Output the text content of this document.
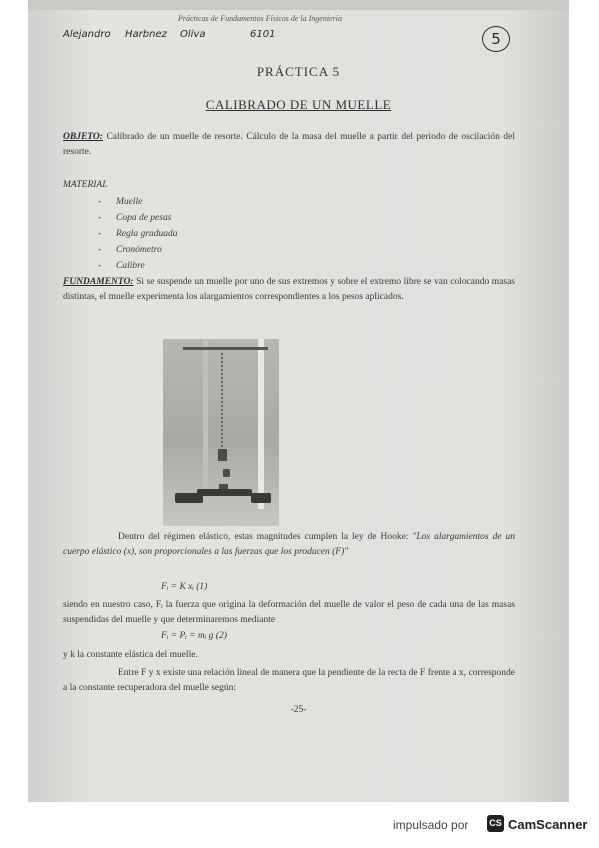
Prácticas de Fundamentos Físicos de la Ingeniería
Alejandro Harbnez Oliva	6101	5
PRÁCTICA 5
CALIBRADO DE UN MUELLE
OBJETO: Calibrado de un muelle de resorte. Cálculo de la masa del muelle a partir del periodo de oscilación del resorte.
MATERIAL
- Muelle
- Copa de pesas
- Regla graduada
- Cronómetro
- Calibre
FUNDAMENTO: Si se suspende un muelle por uno de sus extremos y sobre el extremo libre se van colocando masas distintas, el muelle experimenta los alargamientos correspondientes a los pesos aplicados.
Dentro del régimen elástico, estas magnitudes cumplen la ley de Hooke: "Los alargamientos de un cuerpo elástico (x), son proporcionales a las fuerzas que los producen (F)"
Fᵢ = K xᵢ (1)
siendo en nuestro caso, Fᵢ la fuerza que origina la deformación del muelle de valor el peso de cada una de las masas suspendidas del muelle y que determinaremos mediante
Fᵢ = Pᵢ = mᵢ g (2)
y k la constante elástica del muelle.
Entre F y x existe una relación lineal de manera que la pendiente de la recta de F frente a x, corresponde a la constante recuperadora del muelle según:
-25-
impulsado por CS CamScanner
